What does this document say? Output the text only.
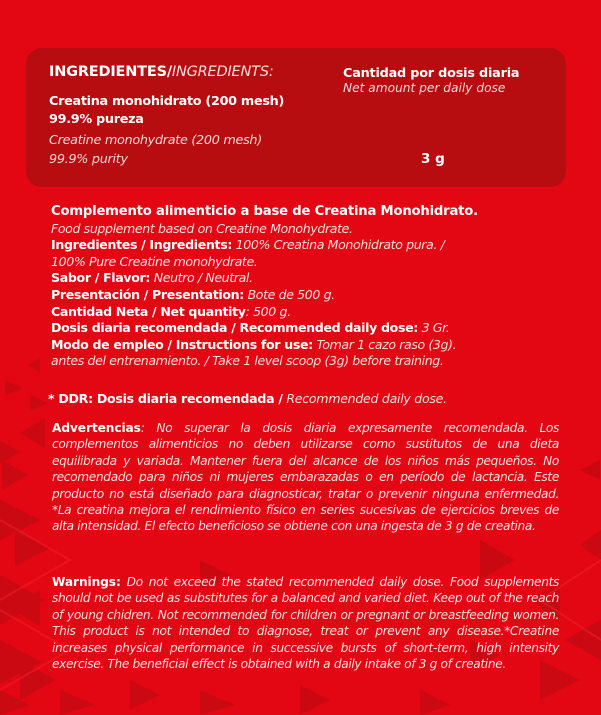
INGREDIENTES/INGREDIENTS:
Creatina monohidrato (200 mesh)
99.9% pureza
Creatine monohydrate (200 mesh)
99.9% purity
Cantidad por dosis diaria
Net amount per daily dose
3 g
Complemento alimenticio a base de Creatina Monohidrato.
Food supplement based on Creatine Monohydrate.
Ingredientes / Ingredients: 100% Creatina Monohidrato pura. /
100% Pure Creatine monohydrate.
Sabor / Flavor: Neutro / Neutral.
Presentación / Presentation: Bote de 500 g.
Cantidad Neta / Net quantity: 500 g.
Dosis diaria recomendada / Recommended daily dose: 3 Gr.
Modo de empleo / Instructions for use: Tomar 1 cazo raso (3g).
antes del entrenamiento. / Take 1 level scoop (3g) before training.
* DDR: Dosis diaria recomendada / Recommended daily dose.
Advertencias: No superar la dosis diaria expresamente recomendada. Los complementos alimenticios no deben utilizarse como sustitutos de una dieta equilibrada y variada. Mantener fuera del alcance de los niños más pequeños. No recomendado para niños ni mujeres embarazadas o en período de lactancia. Este producto no está diseñado para diagnosticar, tratar o prevenir ninguna enfermedad. *La creatina mejora el rendimiento físico en series sucesivas de ejercicios breves de alta intensidad. El efecto beneficioso se obtiene con una ingesta de 3 g de creatina.
Warnings: Do not exceed the stated recommended daily dose. Food supplements should not be used as substitutes for a balanced and varied diet. Keep out of the reach of young chidren. Not recommended for children or pregnant or breastfeeding women. This product is not intended to diagnose, treat or prevent any disease.*Creatine increases physical performance in successive bursts of short-term, high intensity exercise. The beneficial effect is obtained with a daily intake of 3 g of creatine.
